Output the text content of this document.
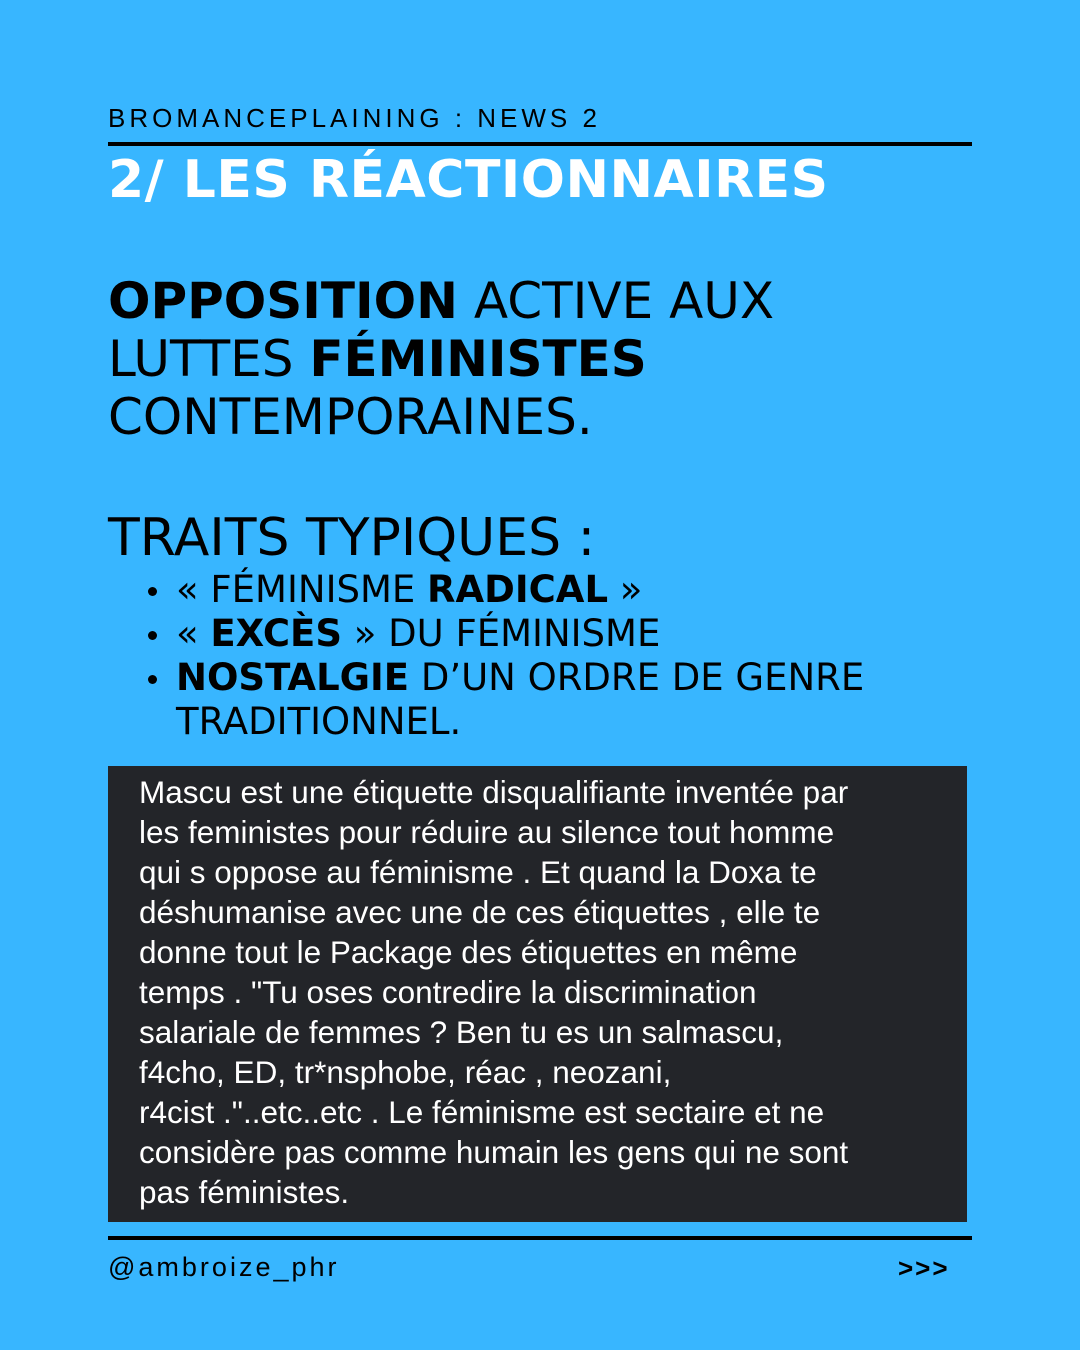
BROMANCEPLAINING : NEWS 2
2/ LES RÉACTIONNAIRES
OPPOSITION ACTIVE AUX
LUTTES FÉMINISTES
CONTEMPORAINES.
TRAITS TYPIQUES :
« FÉMINISME RADICAL »
« EXCÈS » DU FÉMINISME
NOSTALGIE D’UN ORDRE DE GENRE
TRADITIONNEL.

Mascu est une étiquette disqualifiante inventée par
les feministes pour réduire au silence tout homme
qui s oppose au féminisme . Et quand la Doxa te
déshumanise avec une de ces étiquettes , elle te
donne tout le Package des étiquettes en même
temps . "Tu oses contredire la discrimination
salariale de femmes ? Ben tu es un salmascu,
f4cho, ED, tr*nsphobe, réac , neozani,
r4cist ."..etc..etc . Le féminisme est sectaire et ne
considère pas comme humain les gens qui ne sont
pas féministes.

@ambroize_phr	>>>
